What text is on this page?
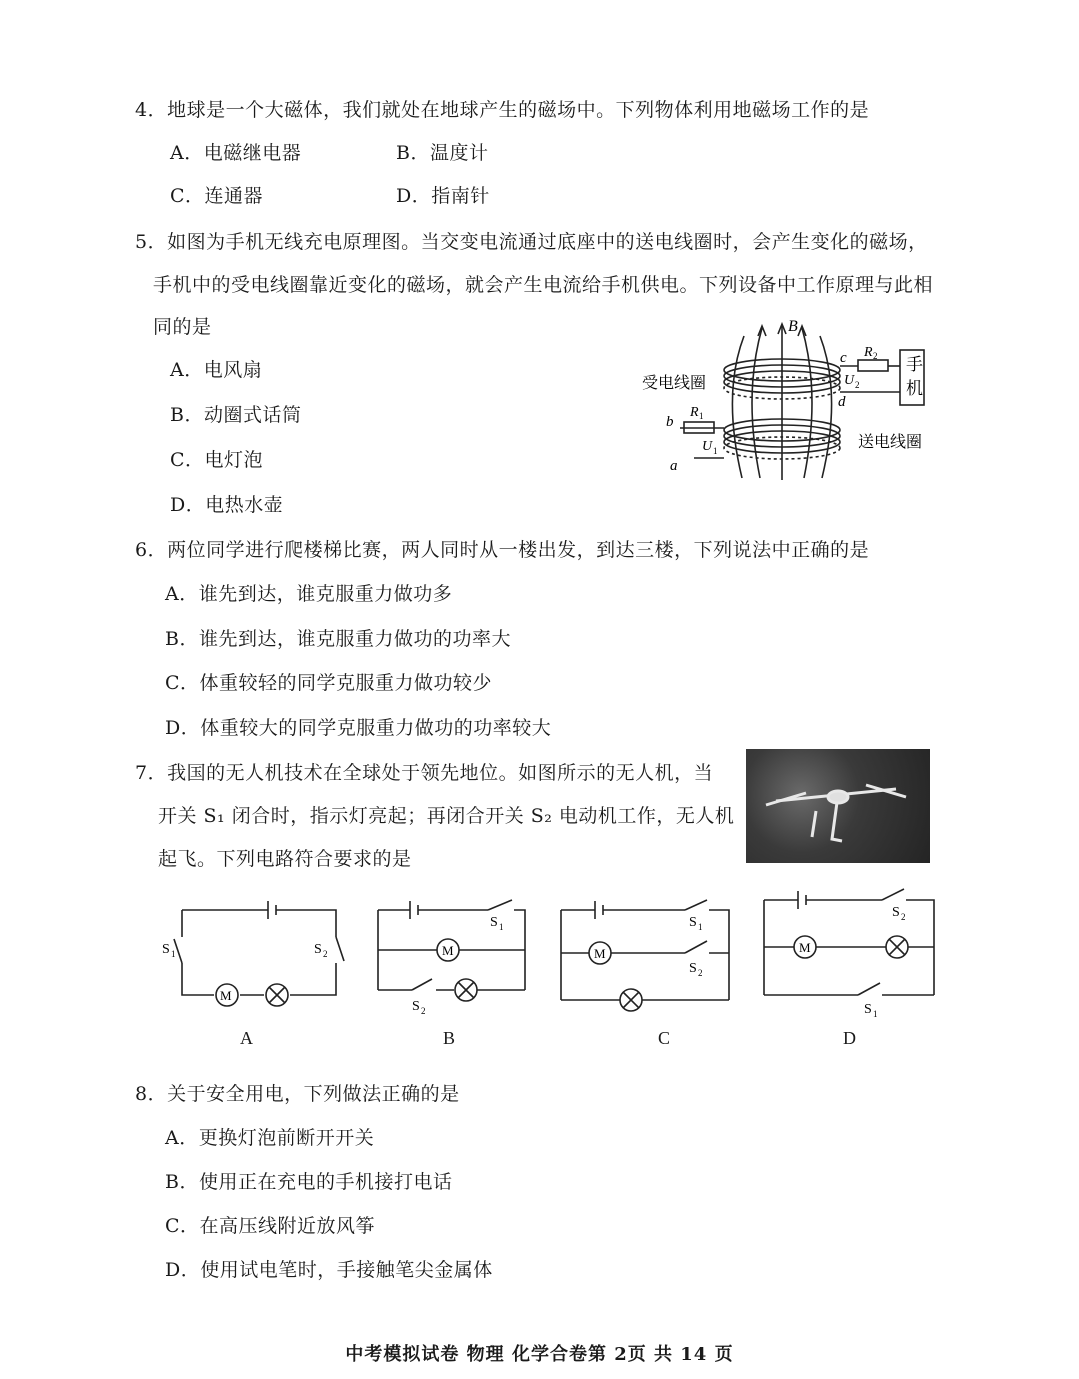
4．地球是一个大磁体，我们就处在地球产生的磁场中。下列物体利用地磁场工作的是
A．电磁继电器	B．温度计
C．连通器	D．指南针
5．如图为手机无线充电原理图。当交变电流通过底座中的送电线圈时，会产生变化的磁场，
手机中的受电线圈靠近变化的磁场，就会产生电流给手机供电。下列设备中工作原理与此相
同的是
A．电风扇
B．动圈式话筒
C．电灯泡
D．电热水壶
B
c
d
R 2
U 2
手
机
受电线圈
送电线圈
R 1
b
U 1
a
6．两位同学进行爬楼梯比赛，两人同时从一楼出发，到达三楼，下列说法中正确的是
A．谁先到达，谁克服重力做功多
B．谁先到达，谁克服重力做功的功率大
C．体重较轻的同学克服重力做功较少
D．体重较大的同学克服重力做功的功率较大
7．我国的无人机技术在全球处于领先地位。如图所示的无人机，当
开关 S₁ 闭合时，指示灯亮起；再闭合开关 S₂ 电动机工作，无人机
起飞。下列电路符合要求的是
M
S 1	S 2
A
M
S 1
S 2
B
M
S 1
S 2
C
M
S 2
S 1
D
8．关于安全用电，下列做法正确的是
A．更换灯泡前断开开关
B．使用正在充电的手机接打电话
C．在高压线附近放风筝
D．使用试电笔时，手接触笔尖金属体
中考模拟试卷 物理 化学合卷第 2页 共 14 页
